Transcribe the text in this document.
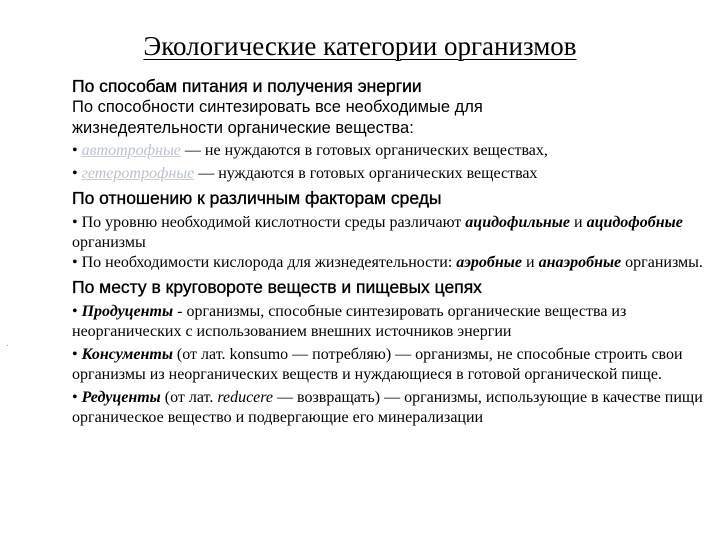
Экологические категории организмов
.

По способам питания и получения энергии

По способности синтезировать все необходимые для

жизнедеятельности органические вещества:

• автотрофные — не нуждаются в готовых органических веществах,

• гетеротрофные — нуждаются в готовых органических веществах

По отношению к различным факторам среды

• По уровню необходимой кислотности среды различают ацидофильные и ацидофобные организмы

• По необходимости кислорода для жизнедеятельности: аэробные и анаэробные организмы.

По месту в круговороте веществ и пищевых цепях

• Продуценты - организмы, способные синтезировать органические вещества из неорганических с использованием внешних источников энергии

• Консументы (от лат. konsumo — потребляю) — организмы, не способные строить свои организмы из неорганических веществ и нуждающиеся в готовой органической пище.

• Редуценты (от лат. reducere — возвращать) — организмы, использующие в качестве пищи органическое вещество и подвергающие его минерализации
